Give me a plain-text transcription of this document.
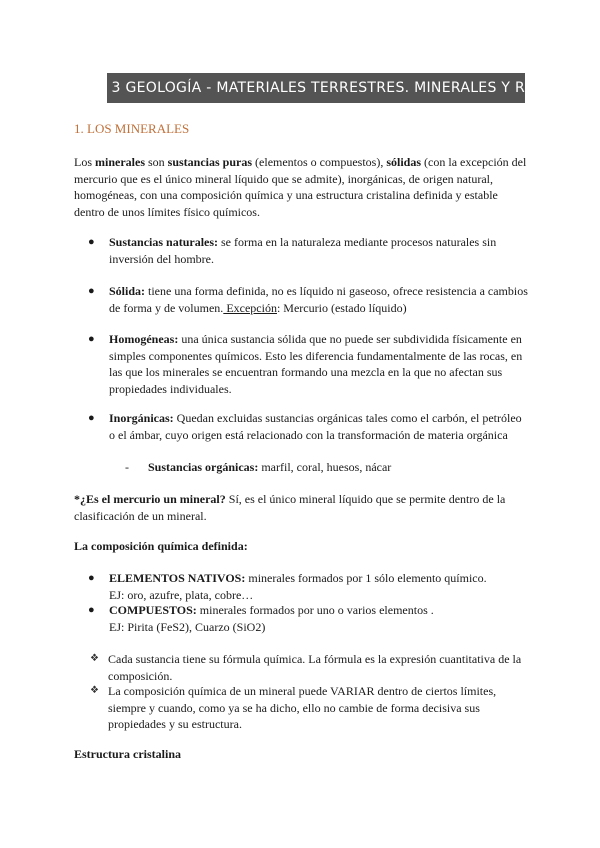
TEMA 3 GEOLOGÍA - MATERIALES TERRESTRES. MINERALES Y ROCAS
1. LOS MINERALES
Los minerales son sustancias puras (elementos o compuestos), sólidas (con la excepción del mercurio que es el único mineral líquido que se admite), inorgánicas, de origen natural, homogéneas, con una composición química y una estructura cristalina definida y estable dentro de unos límites físico químicos.
●	Sustancias naturales: se forma en la naturaleza mediante procesos naturales sin inversión del hombre.
●	Sólida: tiene una forma definida, no es líquido ni gaseoso, ofrece resistencia a cambios de forma y de volumen. Excepción: Mercurio (estado líquido)
●	Homogéneas: una única sustancia sólida que no puede ser subdividida físicamente en simples componentes químicos. Esto les diferencia fundamentalmente de las rocas, en las que los minerales se encuentran formando una mezcla en la que no afectan sus propiedades individuales.
●	Inorgánicas: Quedan excluidas sustancias orgánicas tales como el carbón, el petróleo o el ámbar, cuyo origen está relacionado con la transformación de materia orgánica
- Sustancias orgánicas: marfil, coral, huesos, nácar
*¿Es el mercurio un mineral? Sí, es el único mineral líquido que se permite dentro de la clasificación de un mineral.
La composición química definida:
●	ELEMENTOS NATIVOS: minerales formados por 1 sólo elemento químico.
EJ: oro, azufre, plata, cobre…
●	COMPUESTOS: minerales formados por uno o varios elementos .
EJ: Pirita (FeS2), Cuarzo (SiO2)
❖ Cada sustancia tiene su fórmula química. La fórmula es la expresión cuantitativa de la composición.
❖ La composición química de un mineral puede VARIAR dentro de ciertos límites, siempre y cuando, como ya se ha dicho, ello no cambie de forma decisiva sus propiedades y su estructura.
Estructura cristalina
